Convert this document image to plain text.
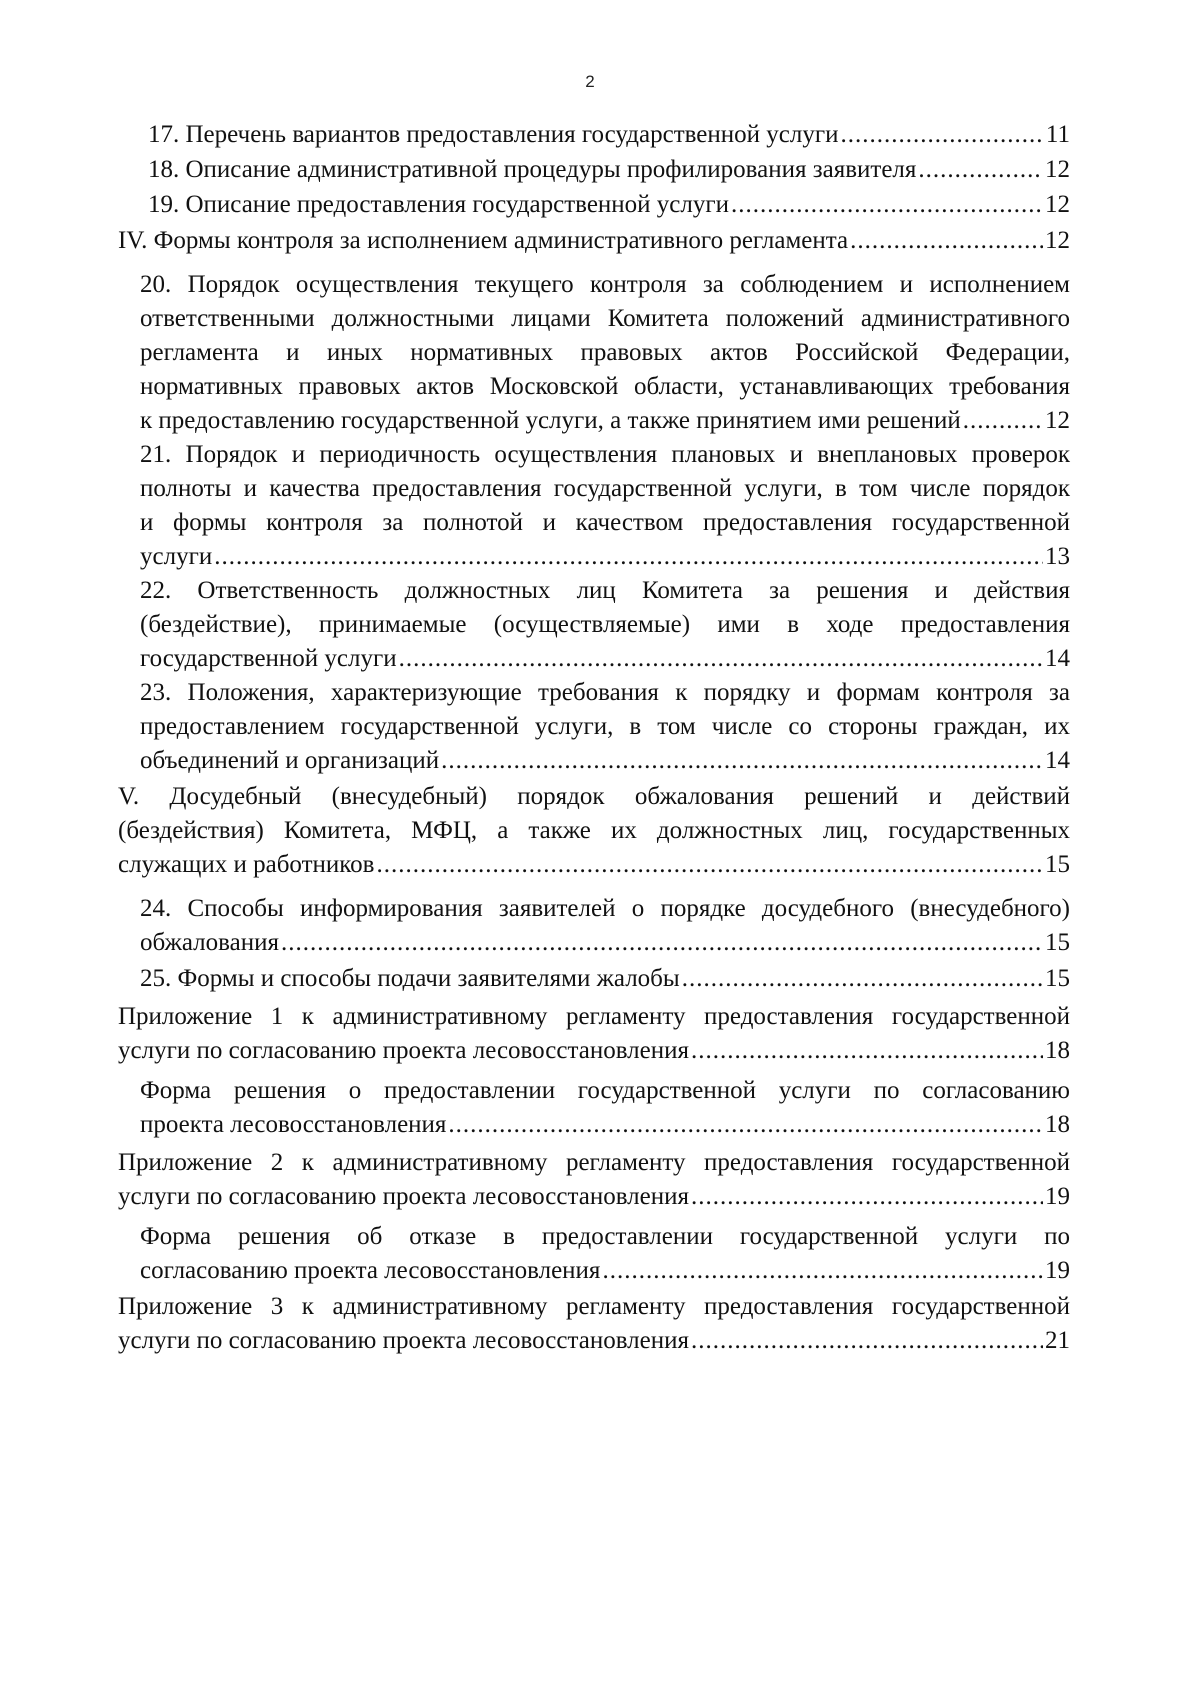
2
17. Перечень вариантов предоставления государственной услуги .....	11
18. Описание административной процедуры профилирования заявителя .....	12
19. Описание предоставления государственной услуги .....	12
IV. Формы контроля за исполнением административного регламента .....	12
20. Порядок осуществления текущего контроля за соблюдением и исполнением
ответственными должностными лицами Комитета положений административного
регламента и иных нормативных правовых актов Российской Федерации,
нормативных правовых актов Московской области, устанавливающих требования
к предоставлению государственной услуги, а также принятием ими решений .....	12
21. Порядок и периодичность осуществления плановых и внеплановых проверок
полноты и качества предоставления государственной услуги, в том числе порядок
и формы контроля за полнотой и качеством предоставления государственной
услуги .....	13
22. Ответственность должностных лиц Комитета за решения и действия
(бездействие), принимаемые (осуществляемые) ими в ходе предоставления
государственной услуги .....	14
23. Положения, характеризующие требования к порядку и формам контроля за
предоставлением государственной услуги, в том числе со стороны граждан, их
объединений и организаций .....	14
V. Досудебный (внесудебный) порядок обжалования решений и действий
(бездействия) Комитета, МФЦ, а также их должностных лиц, государственных
служащих и работников .....	15
24. Способы информирования заявителей о порядке досудебного (внесудебного)
обжалования .....	15
25. Формы и способы подачи заявителями жалобы .....	15
Приложение 1 к административному регламенту предоставления государственной
услуги по согласованию проекта лесовосстановления .....	18
Форма решения о предоставлении государственной услуги по согласованию
проекта лесовосстановления .....	18
Приложение 2 к административному регламенту предоставления государственной
услуги по согласованию проекта лесовосстановления .....	19
Форма решения об отказе в предоставлении государственной услуги по
согласованию проекта лесовосстановления .....	19
Приложение 3 к административному регламенту предоставления государственной
услуги по согласованию проекта лесовосстановления .....	21
